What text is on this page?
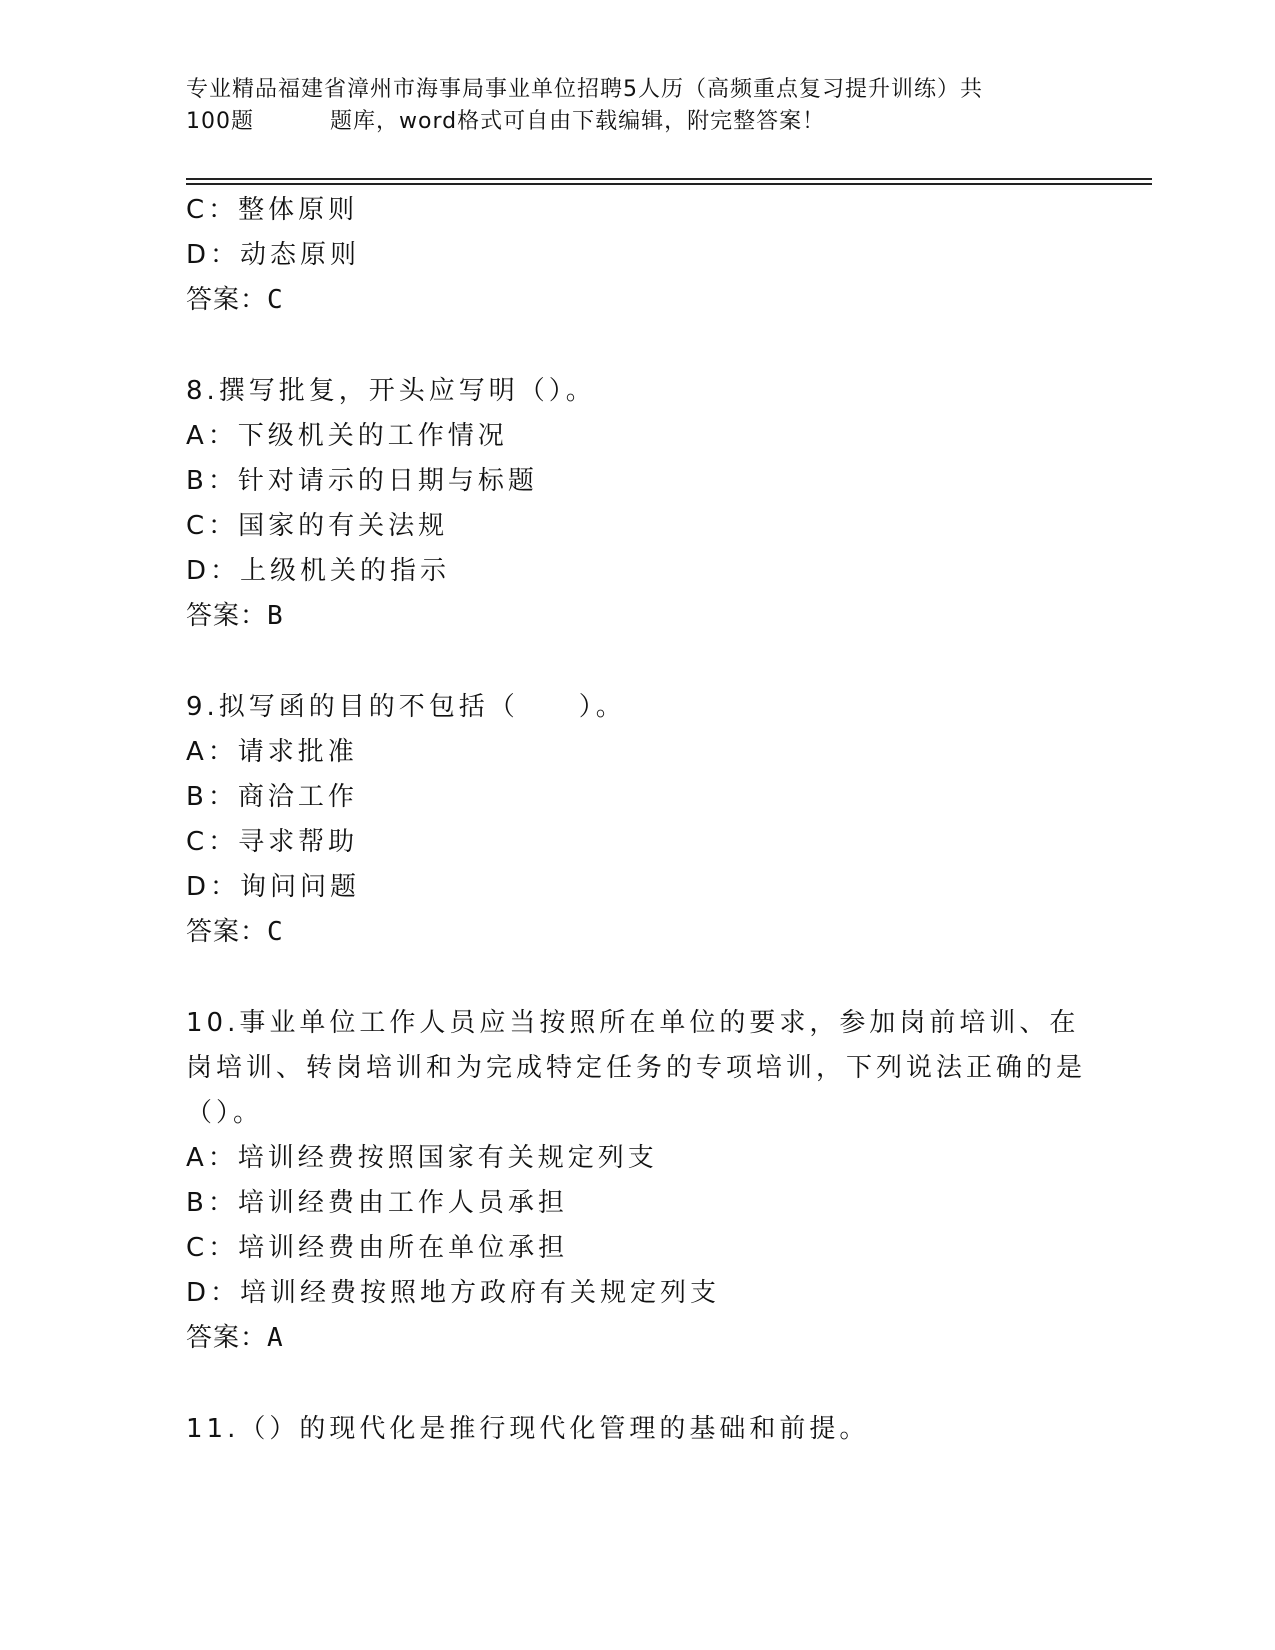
专业精品福建省漳州市海事局事业单位招聘5人历（高频重点复习提升训练）共
100题	题库，word格式可自由下载编辑，附完整答案！
C：整体原则
D：动态原则
答案：C
8.撰写批复，开头应写明（）。
A：下级机关的工作情况
B：针对请示的日期与标题
C：国家的有关法规
D：上级机关的指示
答案：B
9.拟写函的目的不包括（　　）。
A：请求批准
B：商洽工作
C：寻求帮助
D：询问问题
答案：C
10.事业单位工作人员应当按照所在单位的要求，参加岗前培训、在岗培训、转岗培训和为完成特定任务的专项培训，下列说法正确的是（）。
A：培训经费按照国家有关规定列支
B：培训经费由工作人员承担
C：培训经费由所在单位承担
D：培训经费按照地方政府有关规定列支
答案：A
11.（）的现代化是推行现代化管理的基础和前提。
